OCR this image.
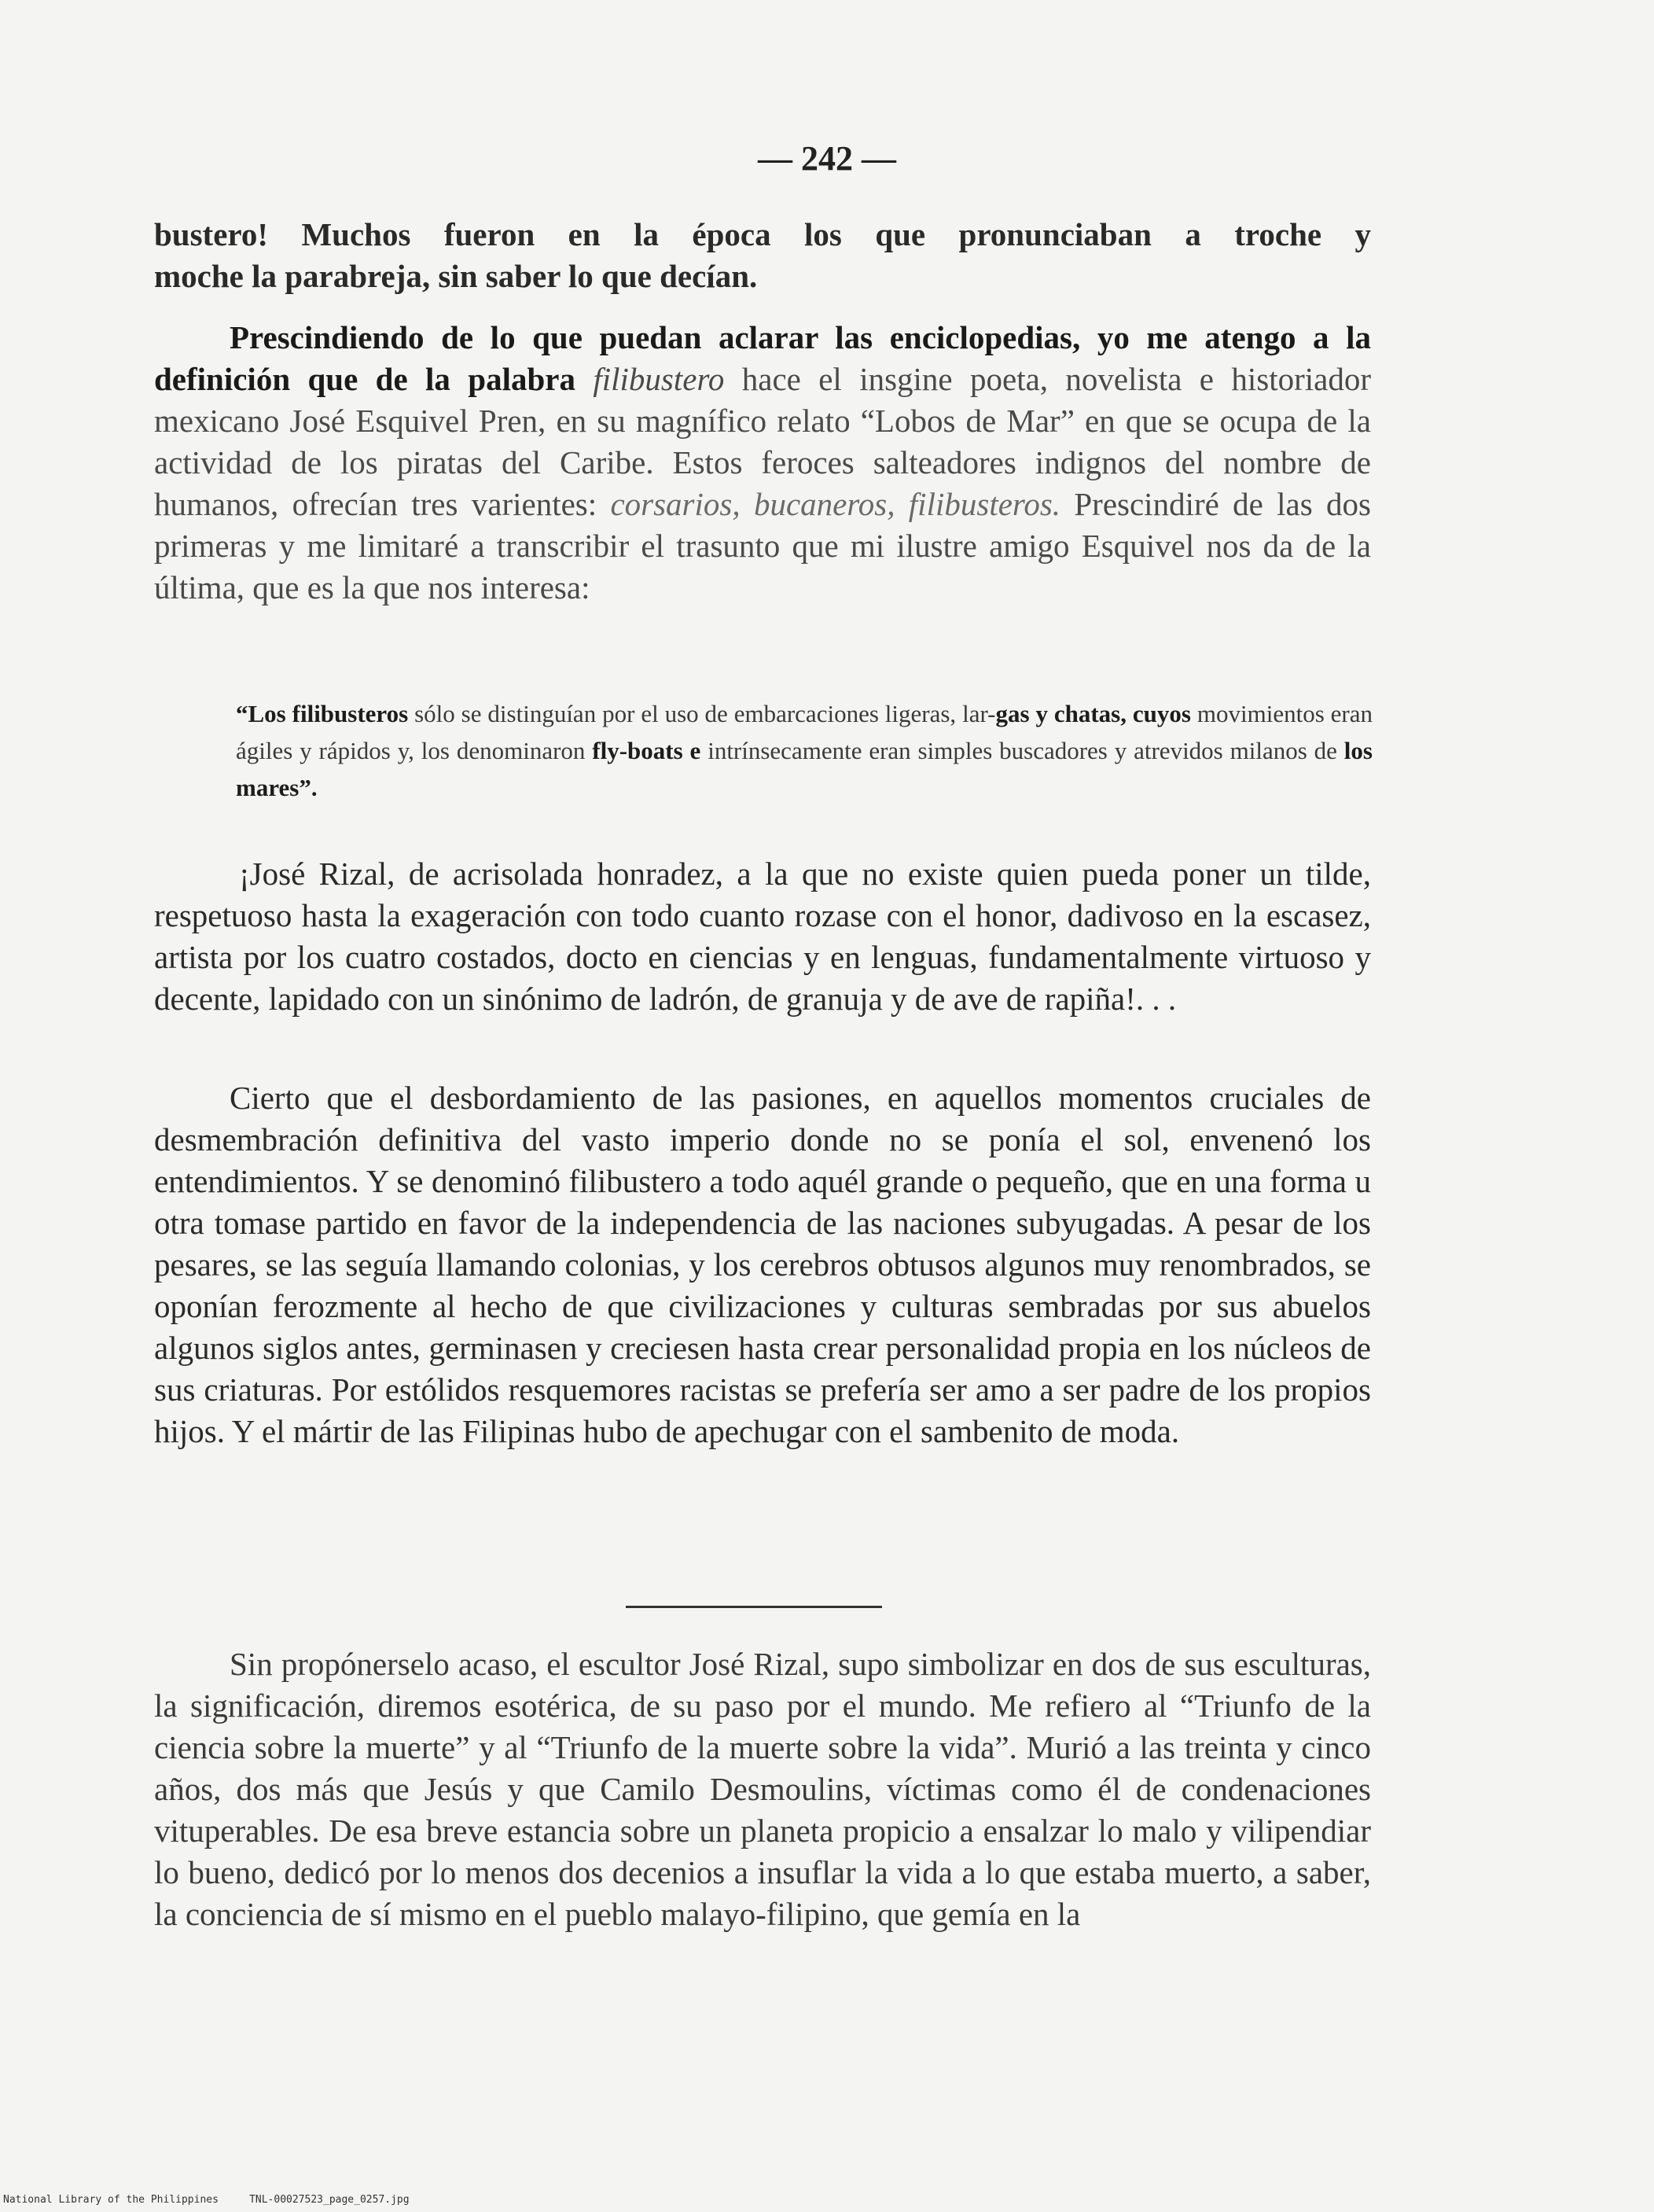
— 242 —

bustero! Muchos fueron en la época los que pronunciaban a troche y

moche la parabreja, sin saber lo que decían.

Prescindiendo de lo que puedan aclarar las enciclopedias, yo me atengo a la definición que de la palabra filibustero hace el insgine poeta, novelista e historiador mexicano José Esquivel Pren, en su magnífico relato “Lobos de Mar” en que se ocupa de la actividad de los piratas del Caribe. Estos feroces salteadores indignos del nombre de humanos, ofrecían tres varientes: corsarios, bucaneros, filibusteros. Prescindiré de las dos primeras y me limitaré a transcribir el trasunto que mi ilustre amigo Esquivel nos da de la última, que es la que nos interesa:

“Los filibusteros sólo se distinguían por el uso de embarcaciones ligeras, lar-gas y chatas, cuyos movimientos eran ágiles y rápidos y, los denominaron fly-boats e intrínsecamente eran simples buscadores y atrevidos milanos de los mares”.

¡José Rizal, de acrisolada honradez, a la que no existe quien pueda poner un tilde, respetuoso hasta la exageración con todo cuanto rozase con el honor, dadivoso en la escasez, artista por los cuatro costados, docto en ciencias y en lenguas, fundamentalmente virtuoso y decente, lapidado con un sinónimo de ladrón, de granuja y de ave de rapiña!. . .

Cierto que el desbordamiento de las pasiones, en aquellos momentos cruciales de desmembración definitiva del vasto imperio donde no se ponía el sol, envenenó los entendimientos. Y se denominó filibustero a todo aquél grande o pequeño, que en una forma u otra tomase partido en favor de la independencia de las naciones subyugadas. A pesar de los pesares, se las seguía llamando colonias, y los cerebros obtusos algunos muy renombrados, se oponían ferozmente al hecho de que civilizaciones y culturas sembradas por sus abuelos algunos siglos antes, germinasen y creciesen hasta crear personalidad propia en los núcleos de sus criaturas. Por estólidos resquemores racistas se prefería ser amo a ser padre de los propios hijos. Y el mártir de las Filipinas hubo de apechugar con el sambenito de moda.

Sin propónerselo acaso, el escultor José Rizal, supo simbolizar en dos de sus esculturas, la significación, diremos esotérica, de su paso por el mundo. Me refiero al “Triunfo de la ciencia sobre la muerte” y al “Triunfo de la muerte sobre la vida”. Murió a las treinta y cinco años, dos más que Jesús y que Camilo Desmoulins, víctimas como él de condenaciones vituperables. De esa breve estancia sobre un planeta propicio a ensalzar lo malo y vilipendiar lo bueno, dedicó por lo menos dos decenios a insuflar la vida a lo que estaba muerto, a saber, la conciencia de sí mismo en el pueblo malayo-filipino, que gemía en la

National Library of the Philippines	TNL-00027523_page_0257.jpg
